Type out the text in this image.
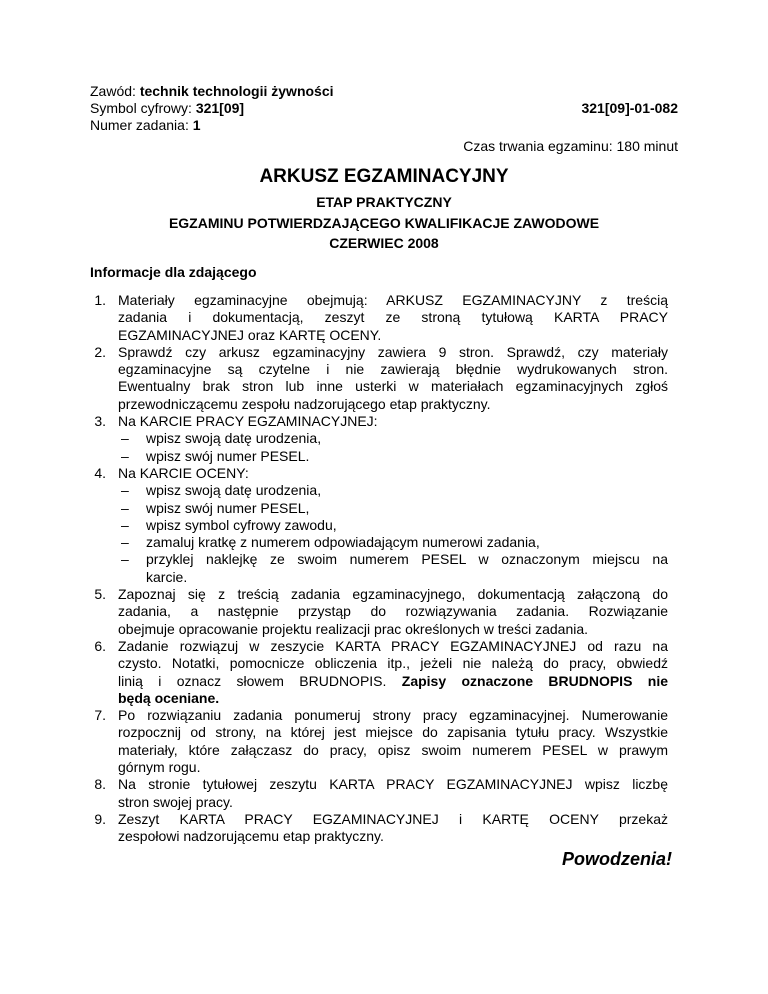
Zawód: technik technologii żywności
Symbol cyfrowy: 321[09]	321[09]-01-082
Numer zadania: 1
Czas trwania egzaminu: 180 minut
ARKUSZ EGZAMINACYJNY
ETAP PRAKTYCZNY
EGZAMINU POTWIERDZAJĄCEGO KWALIFIKACJE ZAWODOWE
CZERWIEC 2008
Informacje dla zdającego
1. Materiały egzaminacyjne obejmują: ARKUSZ EGZAMINACYJNY z treścią
zadania i dokumentacją, zeszyt ze stroną tytułową KARTA PRACY
EGZAMINACYJNEJ oraz KARTĘ OCENY.
2. Sprawdź czy arkusz egzaminacyjny zawiera 9 stron. Sprawdź, czy materiały
egzaminacyjne są czytelne i nie zawierają błędnie wydrukowanych stron.
Ewentualny brak stron lub inne usterki w materiałach egzaminacyjnych zgłoś
przewodniczącemu zespołu nadzorującego etap praktyczny.
3. Na KARCIE PRACY EGZAMINACYJNEJ:
– wpisz swoją datę urodzenia,
– wpisz swój numer PESEL.
4. Na KARCIE OCENY:
– wpisz swoją datę urodzenia,
– wpisz swój numer PESEL,
– wpisz symbol cyfrowy zawodu,
– zamaluj kratkę z numerem odpowiadającym numerowi zadania,
– przyklej naklejkę ze swoim numerem PESEL w oznaczonym miejscu na
karcie.
5. Zapoznaj się z treścią zadania egzaminacyjnego, dokumentacją załączoną do
zadania, a następnie przystąp do rozwiązywania zadania. Rozwiązanie
obejmuje opracowanie projektu realizacji prac określonych w treści zadania.
6. Zadanie rozwiązuj w zeszycie KARTA PRACY EGZAMINACYJNEJ od razu na
czysto. Notatki, pomocnicze obliczenia itp., jeżeli nie należą do pracy, obwiedź
linią i oznacz słowem BRUDNOPIS. Zapisy oznaczone BRUDNOPIS nie
będą oceniane.
7. Po rozwiązaniu zadania ponumeruj strony pracy egzaminacyjnej. Numerowanie
rozpocznij od strony, na której jest miejsce do zapisania tytułu pracy. Wszystkie
materiały, które załączasz do pracy, opisz swoim numerem PESEL w prawym
górnym rogu.
8. Na stronie tytułowej zeszytu KARTA PRACY EGZAMINACYJNEJ wpisz liczbę
stron swojej pracy.
9. Zeszyt KARTA PRACY EGZAMINACYJNEJ i KARTĘ OCENY przekaż
zespołowi nadzorującemu etap praktyczny.
Powodzenia!
